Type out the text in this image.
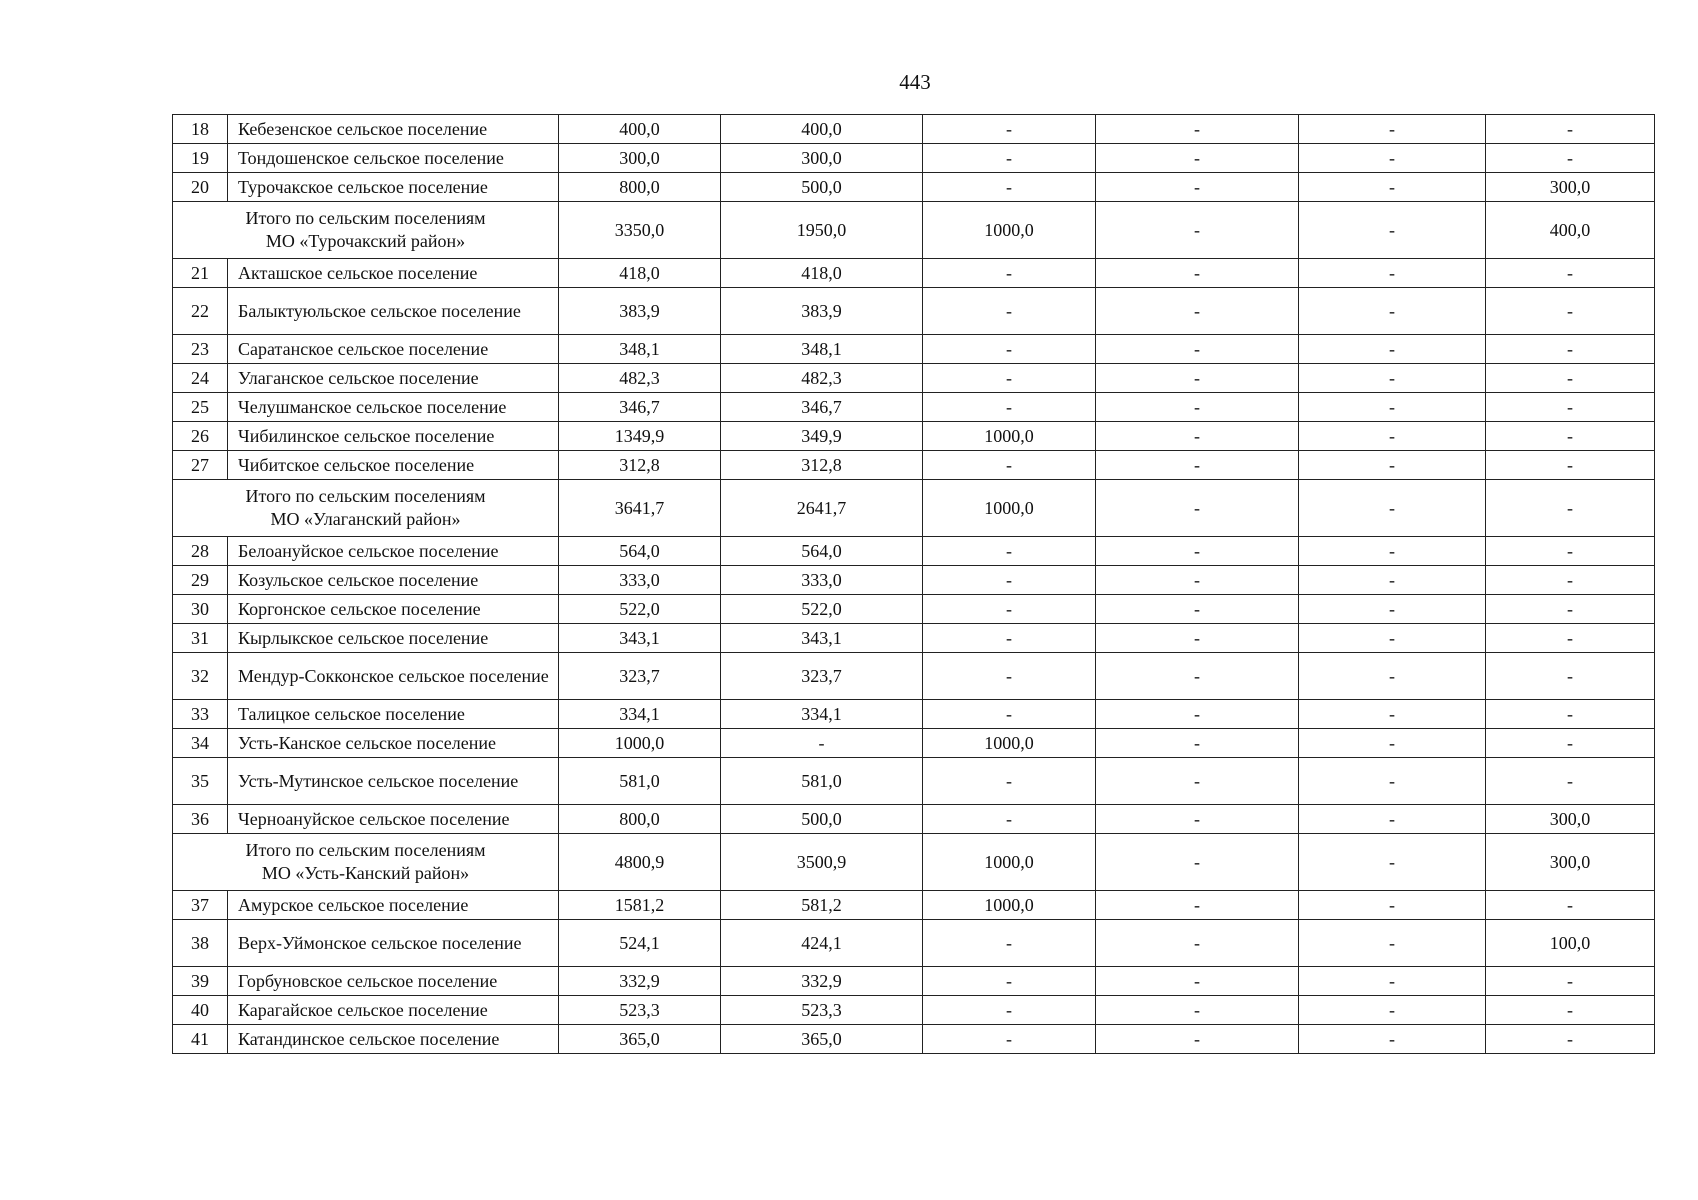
443
18	Кебезенское сельское поселение	400,0	400,0	-	-	-	-
19	Тондошенское сельское поселение	300,0	300,0	-	-	-	-
20	Турочакское сельское поселение	800,0	500,0	-	-	-	300,0

Итого по сельским поселениям
МО «Турочакский район»		3350,0	1950,0	1000,0	-	-	400,0
21	Акташское сельское поселение	418,0	418,0	-	-	-	-
22	Балыктуюльское сельское поселение	383,9	383,9	-	-	-	-
23	Саратанское сельское поселение	348,1	348,1	-	-	-	-
24	Улаганское сельское поселение	482,3	482,3	-	-	-	-
25	Челушманское сельское поселение	346,7	346,7	-	-	-	-
26	Чибилинское сельское поселение	1349,9	349,9	1000,0	-	-	-
27	Чибитское сельское поселение	312,8	312,8	-	-	-	-

Итого по сельским поселениям
МО «Улаганский район»		3641,7	2641,7	1000,0	-	-	-
28	Белоануйское сельское поселение	564,0	564,0	-	-	-	-
29	Козульское сельское поселение	333,0	333,0	-	-	-	-
30	Коргонское сельское поселение	522,0	522,0	-	-	-	-
31	Кырлыкское сельское поселение	343,1	343,1	-	-	-	-
32	Мендур-Сокконское сельское поселение	323,7	323,7	-	-	-	-
33	Талицкое сельское поселение	334,1	334,1	-	-	-	-
34	Усть-Канское сельское поселение	1000,0	-	1000,0	-	-	-
35	Усть-Мутинское сельское поселение	581,0	581,0	-	-	-	-
36	Черноануйское сельское поселение	800,0	500,0	-	-	-	300,0

Итого по сельским поселениям
МО «Усть-Канский район»		4800,9	3500,9	1000,0	-	-	300,0
37	Амурское сельское поселение	1581,2	581,2	1000,0	-	-	-
38	Верх-Уймонское сельское поселение	524,1	424,1	-	-	-	100,0
39	Горбуновское сельское поселение	332,9	332,9	-	-	-	-
40	Карагайское сельское поселение	523,3	523,3	-	-	-	-
41	Катандинское сельское поселение	365,0	365,0	-	-	-	-
